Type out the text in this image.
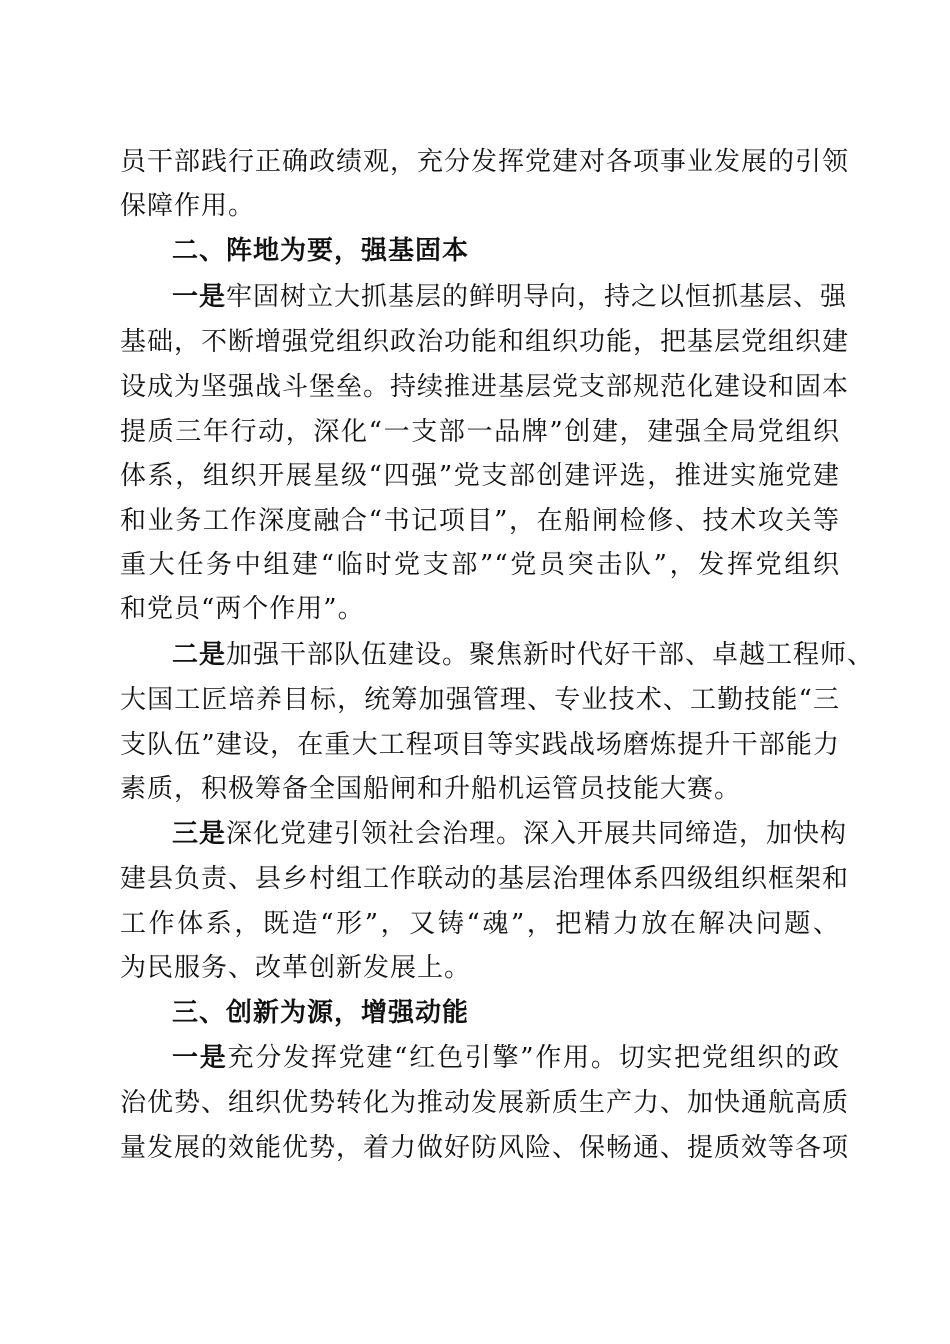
员干部践行正确政绩观，充分发挥党建对各项事业发展的引领
保障作用。
二、阵地为要，强基固本
一是牢固树立大抓基层的鲜明导向，持之以恒抓基层、强
基础，不断增强党组织政治功能和组织功能，把基层党组织建
设成为坚强战斗堡垒。持续推进基层党支部规范化建设和固本
提质三年行动，深化“一支部一品牌”创建，建强全局党组织
体系，组织开展星级“四强”党支部创建评选，推进实施党建
和业务工作深度融合“书记项目”，在船闸检修、技术攻关等
重大任务中组建“临时党支部”“党员突击队”，发挥党组织
和党员“两个作用”。
二是加强干部队伍建设。聚焦新时代好干部、卓越工程师、
大国工匠培养目标，统筹加强管理、专业技术、工勤技能“三
支队伍”建设，在重大工程项目等实践战场磨炼提升干部能力
素质，积极筹备全国船闸和升船机运管员技能大赛。
三是深化党建引领社会治理。深入开展共同缔造，加快构
建县负责、县乡村组工作联动的基层治理体系四级组织框架和
工作体系，既造“形”，又铸“魂”，把精力放在解决问题、
为民服务、改革创新发展上。
三、创新为源，增强动能
一是充分发挥党建“红色引擎”作用。切实把党组织的政
治优势、组织优势转化为推动发展新质生产力、加快通航高质
量发展的效能优势，着力做好防风险、保畅通、提质效等各项
